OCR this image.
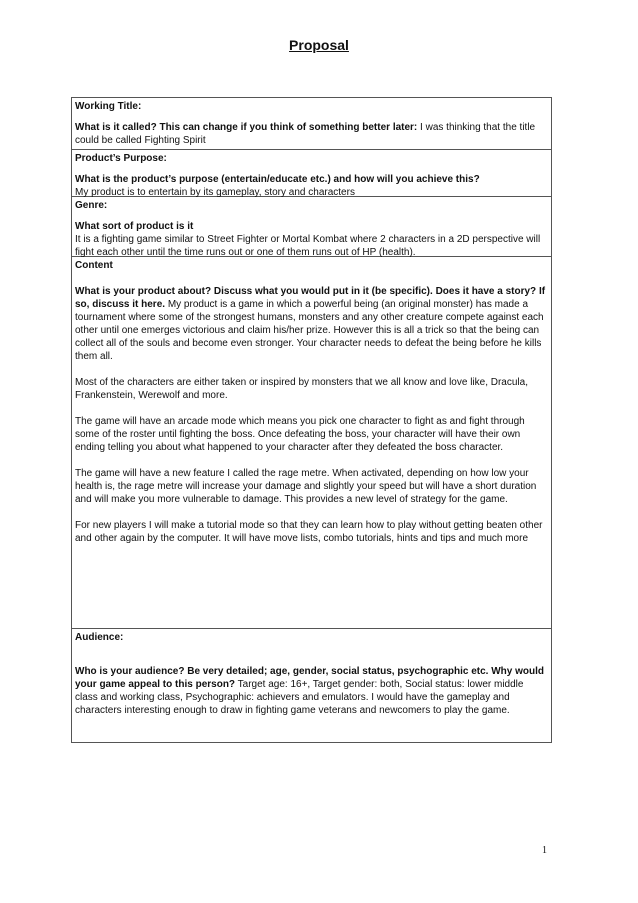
Proposal

Working Title:

What is it called? This can change if you think of something better later: I was thinking that the title could be called Fighting Spirit

Product’s Purpose:

What is the product’s purpose (entertain/educate etc.) and how will you achieve this?

My product is to entertain by its gameplay, story and characters

Genre:

What sort of product is it

It is a fighting game similar to Street Fighter or Mortal Kombat where 2 characters in a 2D perspective will fight each other until the time runs out or one of them runs out of HP (health).

Content

What is your product about? Discuss what you would put in it (be specific). Does it have a story? If so, discuss it here. My product is a game in which a powerful being (an original monster) has made a tournament where some of the strongest humans, monsters and any other creature compete against each other until one emerges victorious and claim his/her prize. However this is all a trick so that the being can collect all of the souls and become even stronger. Your character needs to defeat the being before he kills them all.

Most of the characters are either taken or inspired by monsters that we all know and love like, Dracula, Frankenstein, Werewolf and more.

The game will have an arcade mode which means you pick one character to fight as and fight through some of the roster until fighting the boss. Once defeating the boss, your character will have their own ending telling you about what happened to your character after they defeated the boss character.

The game will have a new feature I called the rage metre. When activated, depending on how low your health is, the rage metre will increase your damage and slightly your speed but will have a short duration and will make you more vulnerable to damage. This provides a new level of strategy for the game.

For new players I will make a tutorial mode so that they can learn how to play without getting beaten other and other again by the computer. It will have move lists, combo tutorials, hints and tips and much more

Audience:

Who is your audience? Be very detailed; age, gender, social status, psychographic etc. Why would your game appeal to this person? Target age: 16+, Target gender: both, Social status: lower middle class and working class, Psychographic: achievers and emulators. I would have the gameplay and characters interesting enough to draw in fighting game veterans and newcomers to play the game.

1
